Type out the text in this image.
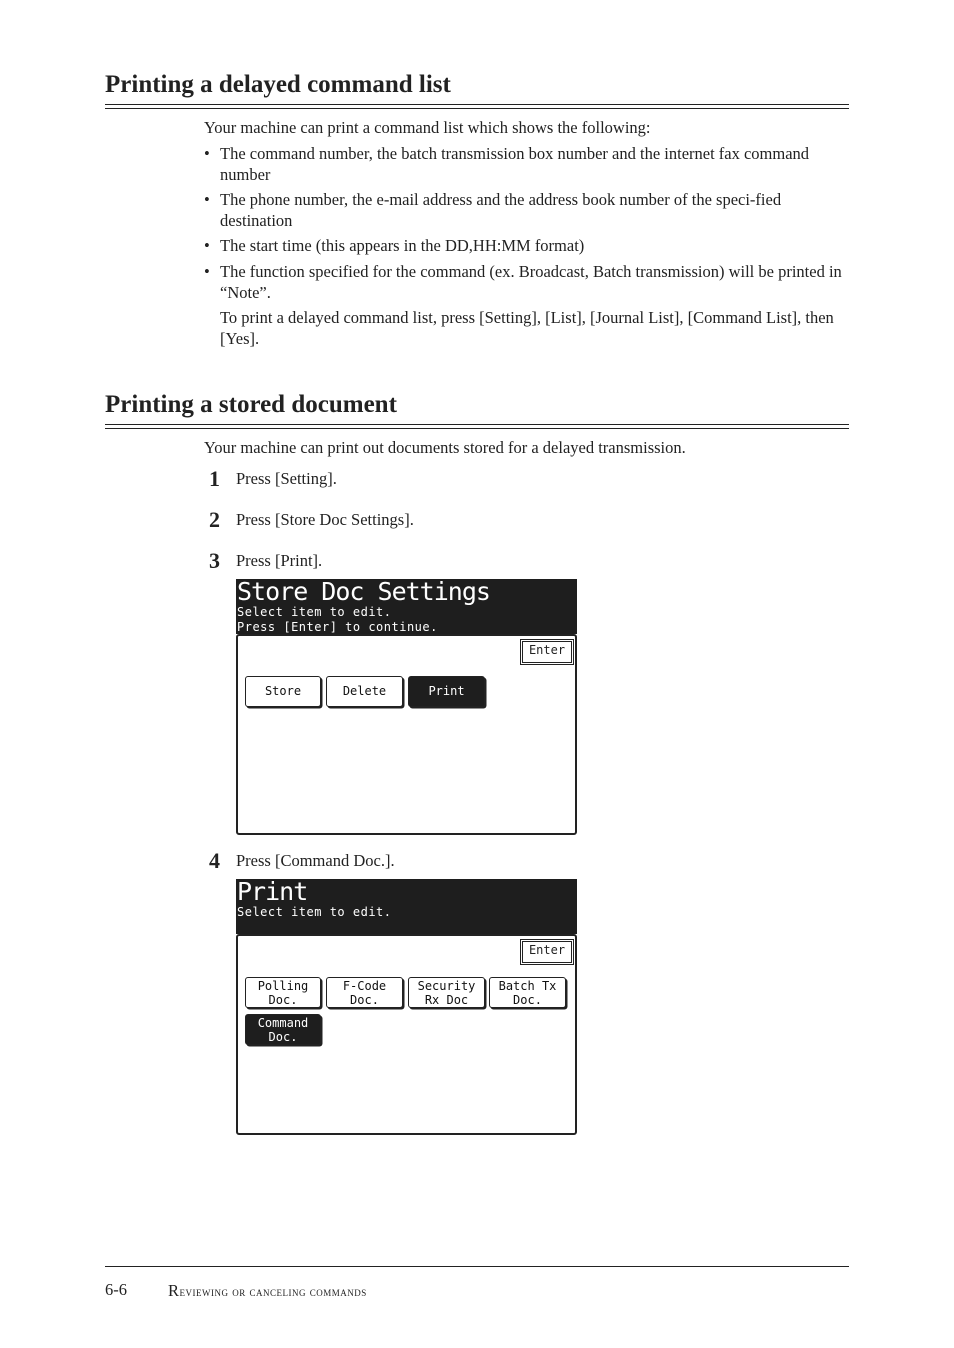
Printing a delayed command list

Your machine can print a command list which shows the following:

• The command number, the batch transmission box number and the internet fax command number
• The phone number, the e-mail address and the address book number of the speci-fied destination
• The start time (this appears in the DD,HH:MM format)
• The function specified for the command (ex. Broadcast, Batch transmission) will be printed in “Note”.

To print a delayed command list, press [Setting], [List], [Journal List], [Command List], then [Yes].

Printing a stored document

Your machine can print out documents stored for a delayed transmission.

1 Press [Setting].
2 Press [Store Doc Settings].
3 Press [Print].
Store Doc Settings
Select item to edit.
Press [Enter] to continue.
Enter
Store	Delete	Print
4 Press [Command Doc.].
Print
Select item to edit.
Enter
Polling
Doc.
F-Code
Doc.
Security
Rx Doc
Batch Tx
Doc.
Command
Doc.
6-6 Reviewing or canceling commands
